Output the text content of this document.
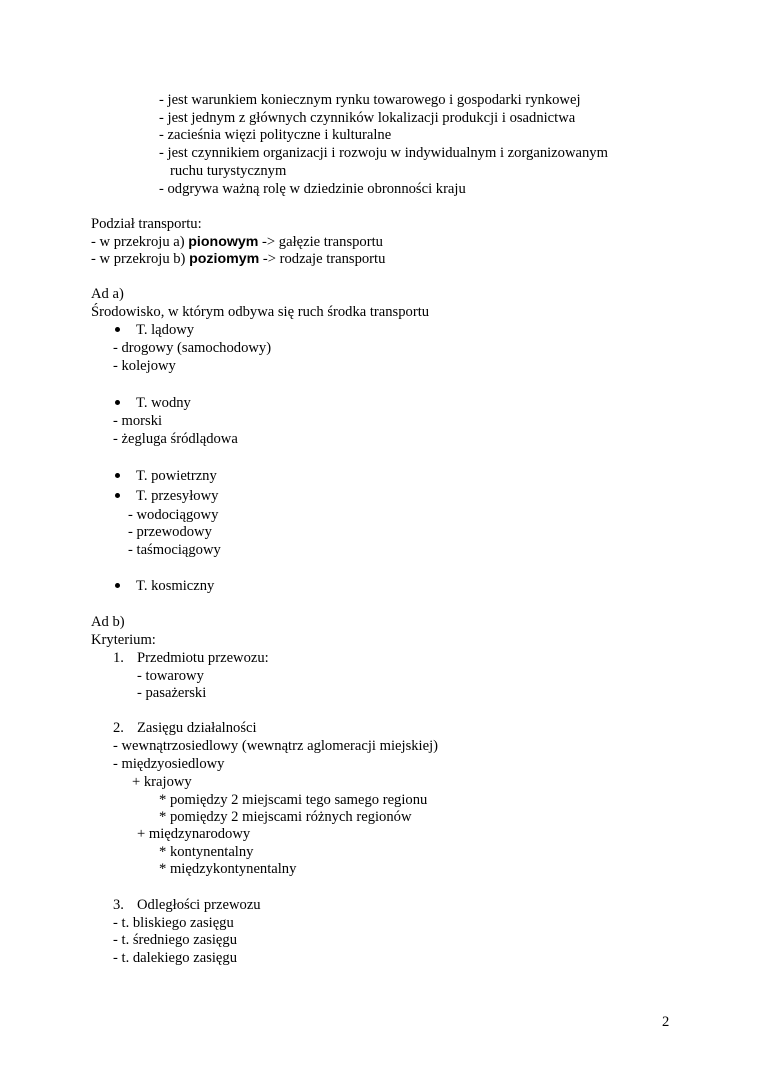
- jest warunkiem koniecznym rynku towarowego i gospodarki rynkowej
- jest jednym z głównych czynników lokalizacji produkcji i osadnictwa
- zacieśnia więzi polityczne i kulturalne
- jest czynnikiem organizacji i rozwoju w indywidualnym i zorganizowanym
ruchu turystycznym
- odgrywa ważną rolę w dziedzinie obronności kraju
Podział transportu:
- w przekroju a) pionowym -> gałęzie transportu
- w przekroju b) poziomym -> rodzaje transportu
Ad a)
Środowisko, w którym odbywa się ruch środka transportu
T. lądowy
- drogowy (samochodowy)
- kolejowy
T. wodny
- morski
- żegluga śródlądowa
T. powietrzny
T. przesyłowy
- wodociągowy
- przewodowy
- taśmociągowy
T. kosmiczny
Ad b)
Kryterium:
1. Przedmiotu przewozu:
- towarowy
- pasażerski
2. Zasięgu działalności
- wewnątrzosiedlowy (wewnątrz aglomeracji miejskiej)
- międzyosiedlowy
+ krajowy
* pomiędzy 2 miejscami tego samego regionu
* pomiędzy 2 miejscami różnych regionów
+ międzynarodowy
* kontynentalny
* międzykontynentalny
3. Odległości przewozu
- t. bliskiego zasięgu
- t. średniego zasięgu
- t. dalekiego zasięgu
2
